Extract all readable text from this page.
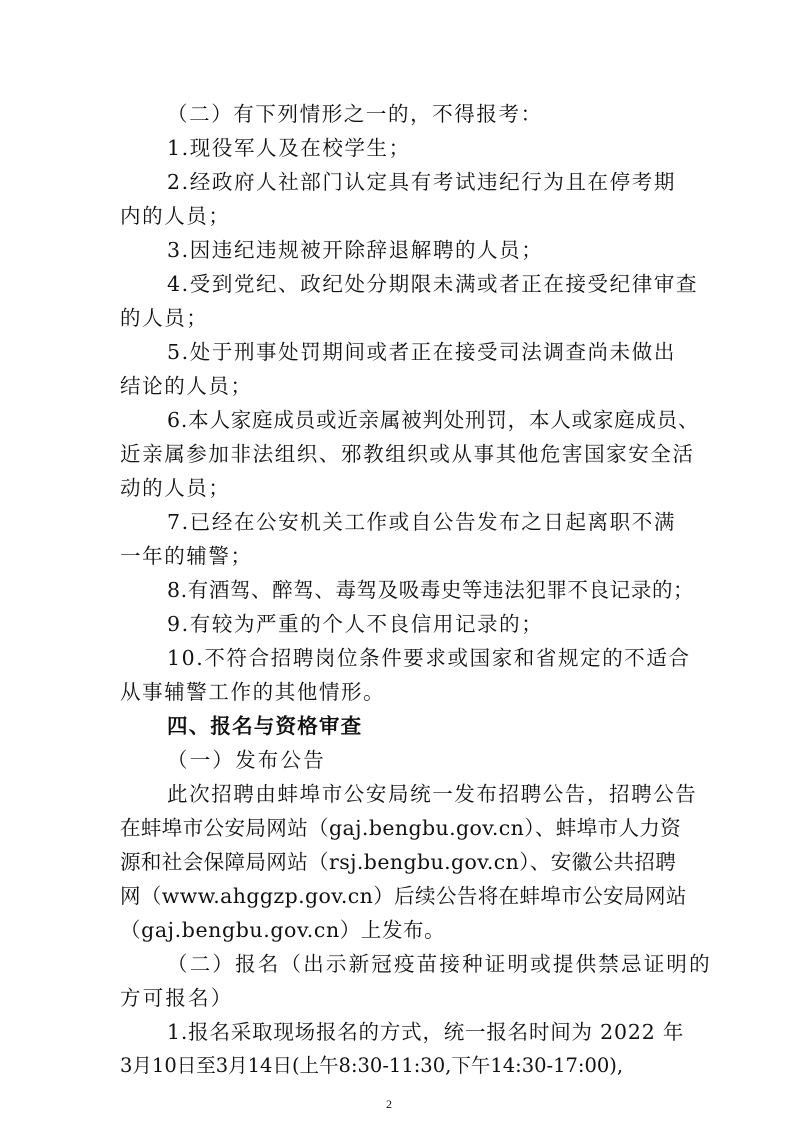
（二）有下列情形之一的，不得报考：
1.现役军人及在校学生；
2.经政府人社部门认定具有考试违纪行为且在停考期
内的人员；
3.因违纪违规被开除辞退解聘的人员；
4.受到党纪、政纪处分期限未满或者正在接受纪律审查
的人员；
5.处于刑事处罚期间或者正在接受司法调查尚未做出
结论的人员；
6.本人家庭成员或近亲属被判处刑罚，本人或家庭成员、
近亲属参加非法组织、邪教组织或从事其他危害国家安全活
动的人员；
7.已经在公安机关工作或自公告发布之日起离职不满
一年的辅警；
8.有酒驾、醉驾、毒驾及吸毒史等违法犯罪不良记录的；
9.有较为严重的个人不良信用记录的；
10.不符合招聘岗位条件要求或国家和省规定的不适合
从事辅警工作的其他情形。
四、报名与资格审查
（一）发布公告
此次招聘由蚌埠市公安局统一发布招聘公告，招聘公告
在蚌埠市公安局网站（gaj.bengbu.gov.cn）、蚌埠市人力资
源和社会保障局网站（rsj.bengbu.gov.cn）、安徽公共招聘
网（www.ahggzp.gov.cn）后续公告将在蚌埠市公安局网站
（gaj.bengbu.gov.cn）上发布。
（二）报名（出示新冠疫苗接种证明或提供禁忌证明的
方可报名）
1.报名采取现场报名的方式，统一报名时间为 2022 年
3月10日至3月14日(上午8:30-11:30,下午14:30-17:00),
2
